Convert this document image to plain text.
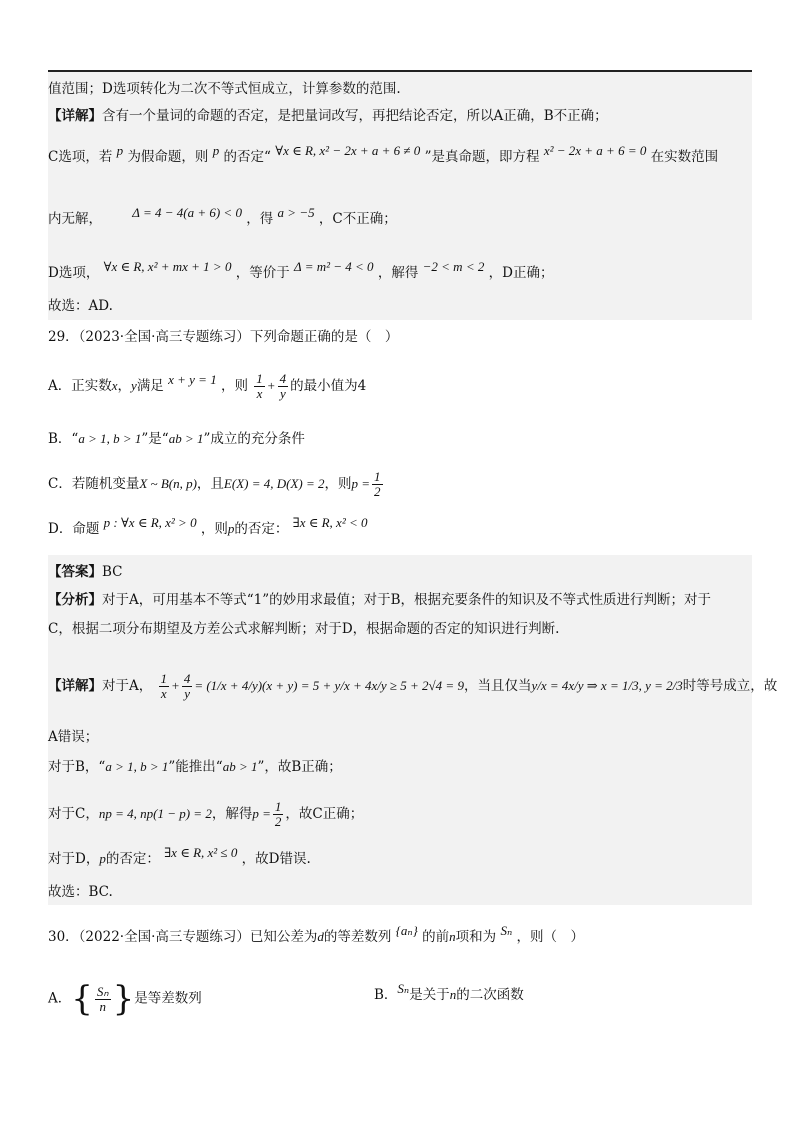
值范围；D选项转化为二次不等式恒成立，计算参数的范围.
【详解】含有一个量词的命题的否定，是把量词改写，再把结论否定，所以A正确，B不正确；
C选项，若 p 为假命题，则 p 的否定“ ∀x ∈ R, x² − 2x + a + 6 ≠ 0 ”是真命题，即方程 x² − 2x + a + 6 = 0 在实数范围
内无解， Δ = 4 − 4(a + 6) < 0 ，得 a > −5 ，C不正确；
D选项， ∀x ∈ R, x² + mx + 1 > 0 ，等价于 Δ = m² − 4 < 0 ，解得 −2 < m < 2 ，D正确；
故选：AD.
29．（2023·全国·高三专题练习）下列命题正确的是（　）
A．正实数x，y满足 x + y = 1 ，则 $\frac{1}{x} + \frac{4}{y}$ 的最小值为4
B．“a > 1, b > 1”是“ab > 1”成立的充分条件
C．若随机变量X ~ B(n, p)，且E(X) = 4, D(X) = 2，则$p = \frac{1}{2}$
D．命题 p : ∀x ∈ R, x² > 0 ，则p的否定： ∃x ∈ R, x² < 0
【答案】BC
【分析】对于A，可用基本不等式“1”的妙用求最值；对于B，根据充要条件的知识及不等式性质进行判断；对于
C，根据二项分布期望及方差公式求解判断；对于D，根据命题的否定的知识进行判断.
【详解】对于A， $\frac{1}{x} + \frac{4}{y} = (1/x + 4/y)(x + y) = 5 + y/x + 4x/y \ge 5 + 2√4 = 9$，当且仅当y/x = 4x/y ⇒ x = 1/3, y = 2/3时等号成立，故
A错误；
对于B，“a > 1, b > 1”能推出“ab > 1”，故B正确；
对于C，np = 4, np(1 − p) = 2，解得$p = \frac{1}{2}$ ，故C正确；
对于D，p的否定： ∃x ∈ R, x² ≤ 0 ，故D错误.
故选：BC.
30．（2022·全国·高三专题练习）已知公差为d的等差数列 {aₙ} 的前n项和为 Sₙ ，则（　）
A．{ $\frac{\text{Sₙ}}{n}$ }是等差数列	B．Sₙ是关于n的二次函数
